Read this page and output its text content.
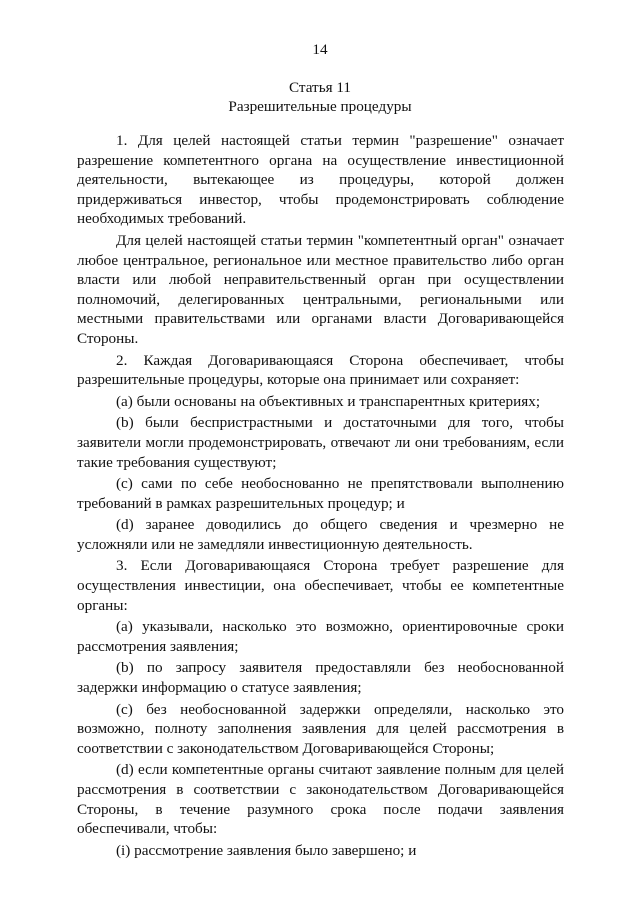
14
Статья 11
Разрешительные процедуры

1. Для целей настоящей статьи термин "разрешение" означает разрешение компетентного органа на осуществление инвестиционной деятельности, вытекающее из процедуры, которой должен придерживаться инвестор, чтобы продемонстрировать соблюдение необходимых требований.

Для целей настоящей статьи термин "компетентный орган" означает любое центральное, региональное или местное правительство либо орган власти или любой неправительственный орган при осуществлении полномочий, делегированных центральными, региональными или местными правительствами или органами власти Договаривающейся Стороны.

2. Каждая Договаривающаяся Сторона обеспечивает, чтобы разрешительные процедуры, которые она принимает или сохраняет:

(a) были основаны на объективных и транспарентных критериях;

(b) были беспристрастными и достаточными для того, чтобы заявители могли продемонстрировать, отвечают ли они требованиям, если такие требования существуют;

(c) сами по себе необоснованно не препятствовали выполнению требований в рамках разрешительных процедур; и

(d) заранее доводились до общего сведения и чрезмерно не усложняли или не замедляли инвестиционную деятельность.

3. Если Договаривающаяся Сторона требует разрешение для осуществления инвестиции, она обеспечивает, чтобы ее компетентные органы:

(a) указывали, насколько это возможно, ориентировочные сроки рассмотрения заявления;

(b) по запросу заявителя предоставляли без необоснованной задержки информацию о статусе заявления;

(c) без необоснованной задержки определяли, насколько это возможно, полноту заполнения заявления для целей рассмотрения в соответствии с законодательством Договаривающейся Стороны;

(d) если компетентные органы считают заявление полным для целей рассмотрения в соответствии с законодательством Договаривающейся Стороны, в течение разумного срока после подачи заявления обеспечивали, чтобы:

(i) рассмотрение заявления было завершено; и
